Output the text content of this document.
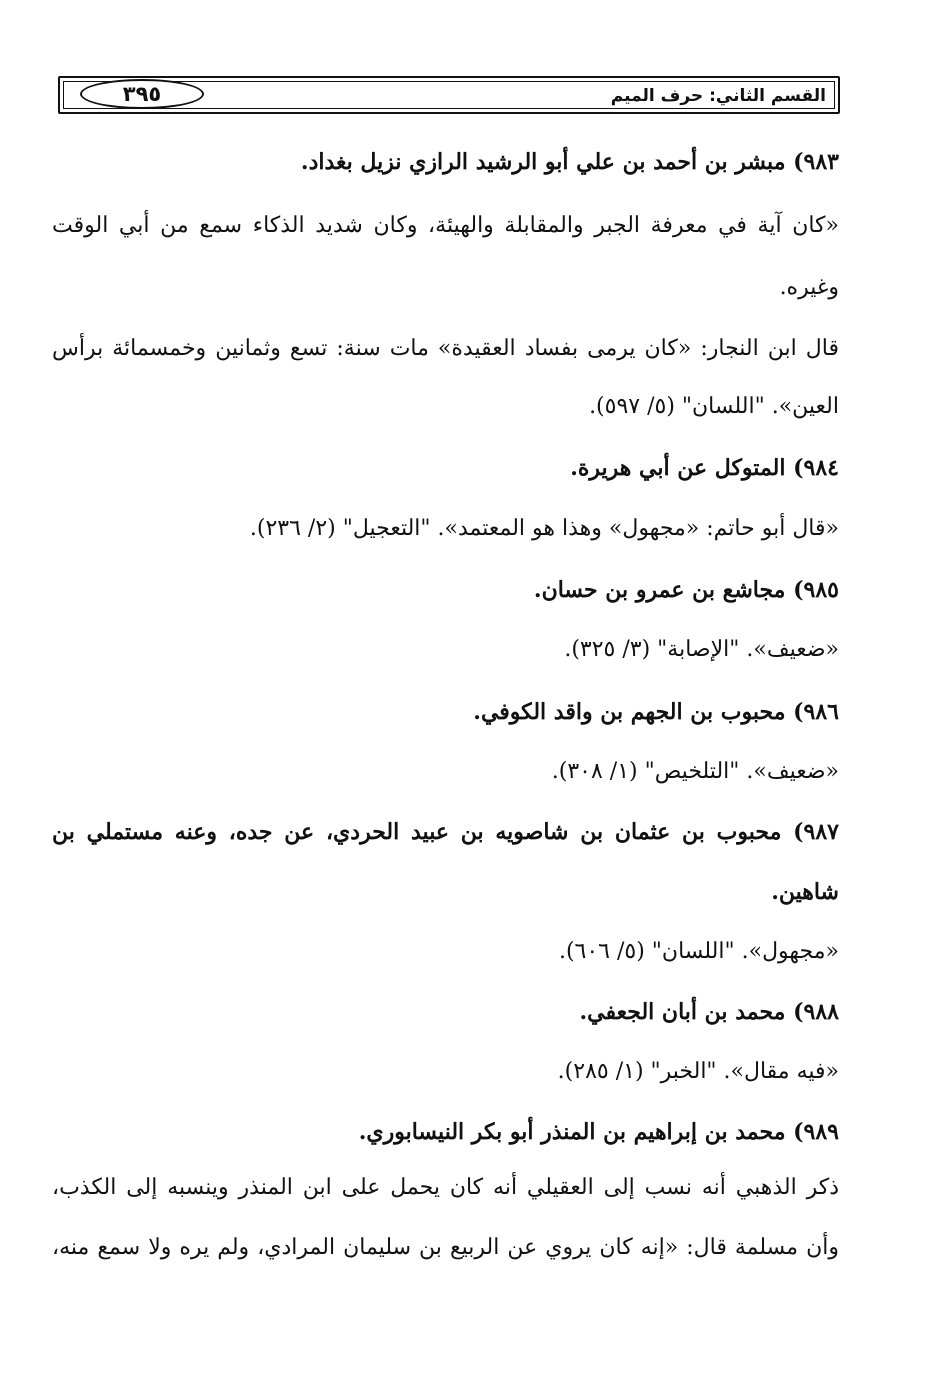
القسم الثاني: حرف الميم
٣٩٥
٩٨٣) مبشر بن أحمد بن علي أبو الرشيد الرازي نزيل بغداد.
«كان آية في معرفة الجبر والمقابلة والهيئة، وكان شديد الذكاء سمع من أبي الوقت
وغيره.
قال ابن النجار: «كان يرمى بفساد العقيدة» مات سنة: تسع وثمانين وخمسمائة برأس
العين». "اللسان" (٥/ ٥٩٧).
٩٨٤) المتوكل عن أبي هريرة.
«قال أبو حاتم: «مجهول» وهذا هو المعتمد». "التعجيل" (٢/ ٢٣٦).
٩٨٥) مجاشع بن عمرو بن حسان.
«ضعيف». "الإصابة" (٣/ ٣٢٥).
٩٨٦) محبوب بن الجهم بن واقد الكوفي.
«ضعيف». "التلخيص" (١/ ٣٠٨).
٩٨٧) محبوب بن عثمان بن شاصويه بن عبيد الحردي، عن جده، وعنه مستملي بن
شاهين.
«مجهول». "اللسان" (٥/ ٦٠٦).
٩٨٨) محمد بن أبان الجعفي.
«فيه مقال». "الخبر" (١/ ٢٨٥).
٩٨٩) محمد بن إبراهيم بن المنذر أبو بكر النيسابوري.
ذكر الذهبي أنه نسب إلى العقيلي أنه كان يحمل على ابن المنذر وينسبه إلى الكذب،
وأن مسلمة قال: «إنه كان يروي عن الربيع بن سليمان المرادي، ولم يره ولا سمع منه،
